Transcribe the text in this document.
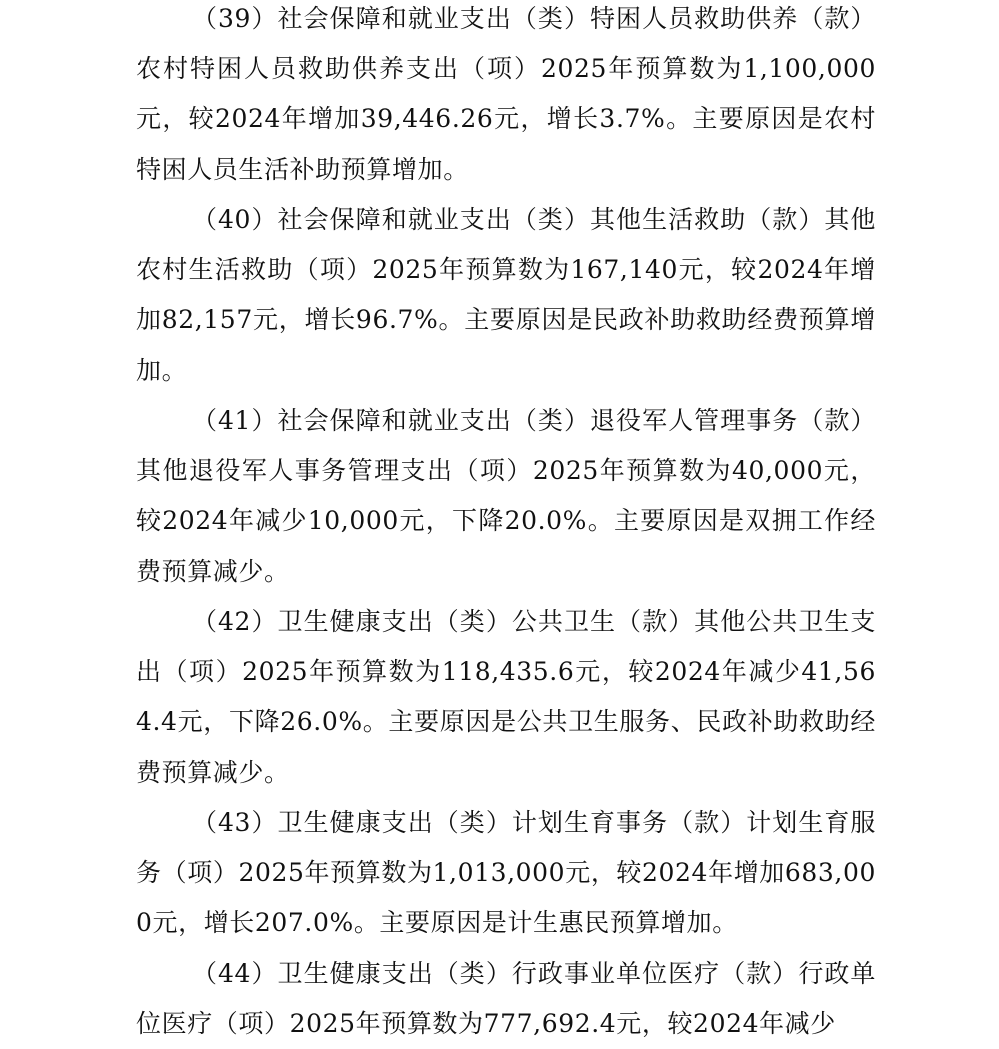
（39）社会保障和就业支出（类）特困人员救助供养（款）农村特困人员救助供养支出（项）2025年预算数为1,100,000元，较2024年增加39,446.26元，增长3.7%。主要原因是农村特困人员生活补助预算增加。

（40）社会保障和就业支出（类）其他生活救助（款）其他农村生活救助（项）2025年预算数为167,140元，较2024年增加82,157元，增长96.7%。主要原因是民政补助救助经费预算增加。

（41）社会保障和就业支出（类）退役军人管理事务（款）其他退役军人事务管理支出（项）2025年预算数为40,000元，较2024年减少10,000元，下降20.0%。主要原因是双拥工作经费预算减少。

（42）卫生健康支出（类）公共卫生（款）其他公共卫生支出（项）2025年预算数为118,435.6元，较2024年减少41,564.4元，下降26.0%。主要原因是公共卫生服务、民政补助救助经费预算减少。

（43）卫生健康支出（类）计划生育事务（款）计划生育服务（项）2025年预算数为1,013,000元，较2024年增加683,000元，增长207.0%。主要原因是计生惠民预算增加。

（44）卫生健康支出（类）行政事业单位医疗（款）行政单位医疗（项）2025年预算数为777,692.4元，较2024年减少
